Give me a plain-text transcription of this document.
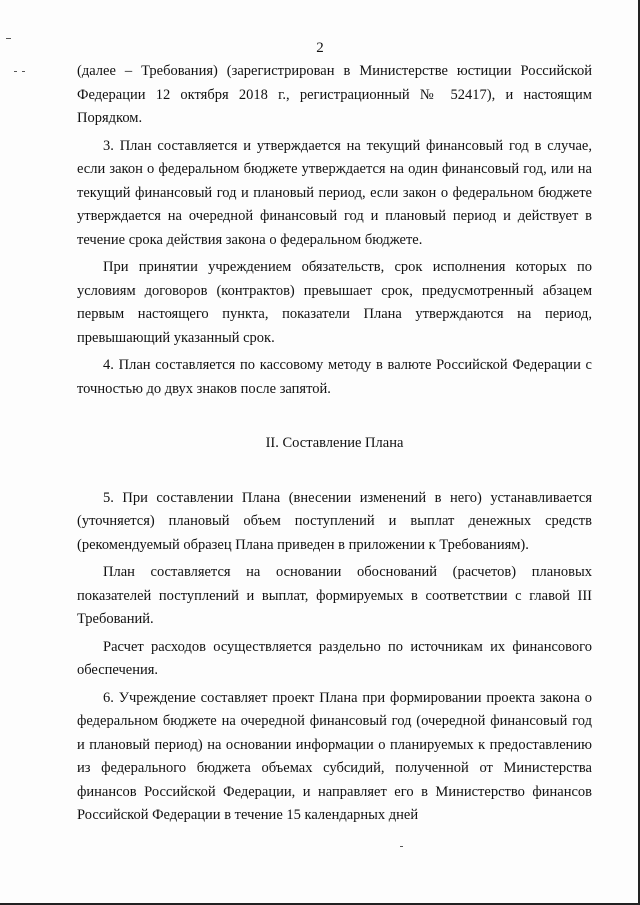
2

(далее – Требования) (зарегистрирован в Министерстве юстиции Российской Федерации 12 октября 2018 г., регистрационный № 52417), и настоящим Порядком.

3. План составляется и утверждается на текущий финансовый год в случае, если закон о федеральном бюджете утверждается на один финансовый год, или на текущий финансовый год и плановый период, если закон о федеральном бюджете утверждается на очередной финансовый год и плановый период и действует в течение срока действия закона о федеральном бюджете.

При принятии учреждением обязательств, срок исполнения которых по условиям договоров (контрактов) превышает срок, предусмотренный абзацем первым настоящего пункта, показатели Плана утверждаются на период, превышающий указанный срок.

4. План составляется по кассовому методу в валюте Российской Федерации с точностью до двух знаков после запятой.

II. Составление Плана

5. При составлении Плана (внесении изменений в него) устанавливается (уточняется) плановый объем поступлений и выплат денежных средств (рекомендуемый образец Плана приведен в приложении к Требованиям).

План составляется на основании обоснований (расчетов) плановых показателей поступлений и выплат, формируемых в соответствии с главой III Требований.

Расчет расходов осуществляется раздельно по источникам их финансового обеспечения.

6. Учреждение составляет проект Плана при формировании проекта закона о федеральном бюджете на очередной финансовый год (очередной финансовый год и плановый период) на основании информации о планируемых к предоставлению из федерального бюджета объемах субсидий, полученной от Министерства финансов Российской Федерации, и направляет его в Министерство финансов Российской Федерации в течение 15 календарных дней
